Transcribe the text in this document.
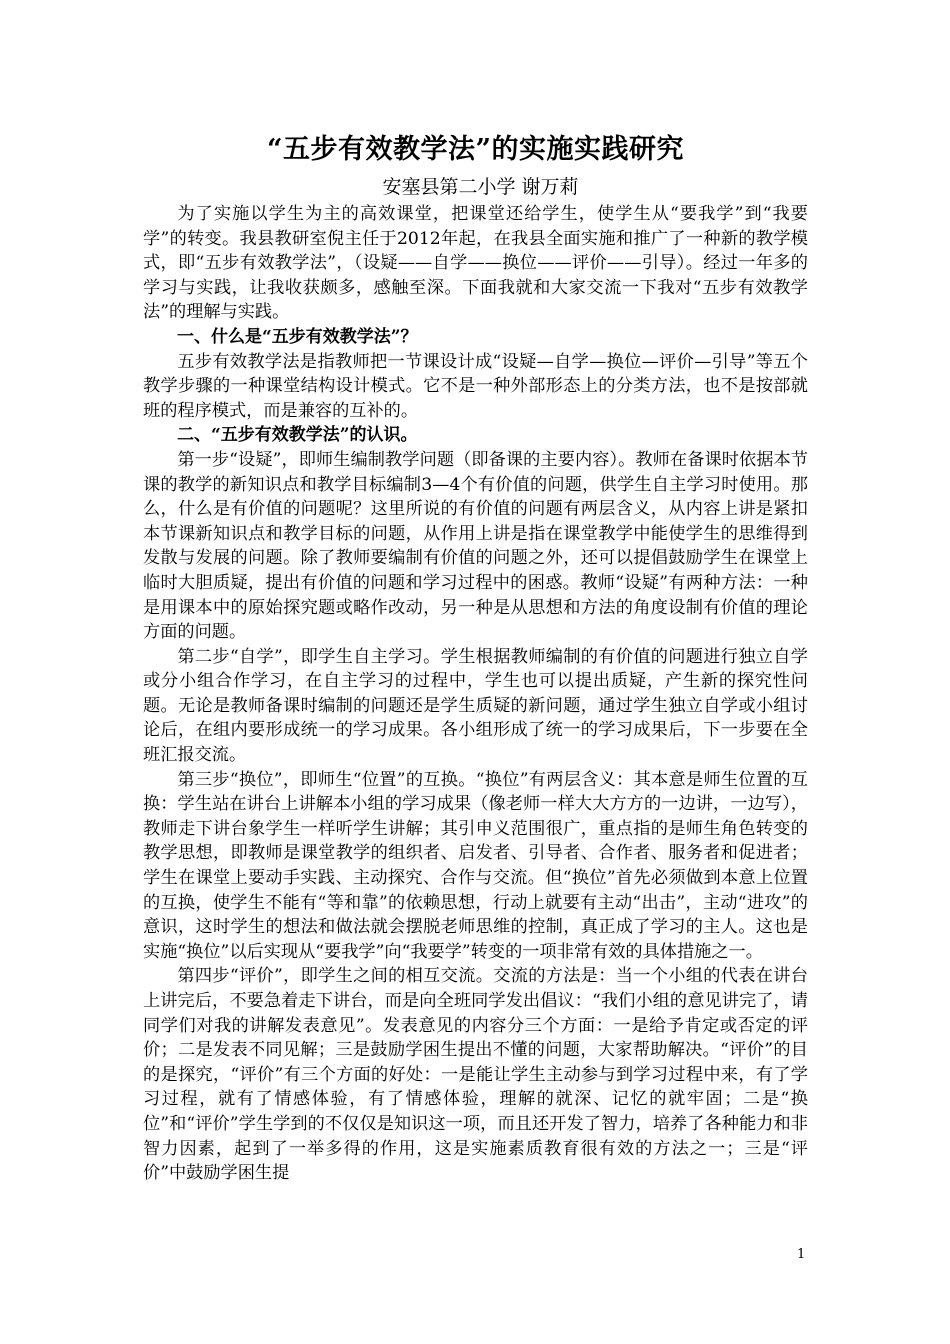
“五步有效教学法”的实施实践研究

安塞县第二小学 谢万莉

为了实施以学生为主的高效课堂，把课堂还给学生，使学生从“要我学”到“我要学”的转变。我县教研室倪主任于2012年起，在我县全面实施和推广了一种新的教学模式，即“五步有效教学法”，（设疑——自学——换位——评价——引导）。经过一年多的学习与实践，让我收获颇多，感触至深。下面我就和大家交流一下我对“五步有效教学法”的理解与实践。

一、什么是“五步有效教学法”？

五步有效教学法是指教师把一节课设计成“设疑—自学—换位—评价—引导”等五个教学步骤的一种课堂结构设计模式。它不是一种外部形态上的分类方法，也不是按部就班的程序模式，而是兼容的互补的。

二、“五步有效教学法”的认识。

第一步“设疑”，即师生编制教学问题（即备课的主要内容）。教师在备课时依据本节课的教学的新知识点和教学目标编制3—4个有价值的问题，供学生自主学习时使用。那么，什么是有价值的问题呢？这里所说的有价值的问题有两层含义，从内容上讲是紧扣本节课新知识点和教学目标的问题，从作用上讲是指在课堂教学中能使学生的思维得到发散与发展的问题。除了教师要编制有价值的问题之外，还可以提倡鼓励学生在课堂上临时大胆质疑，提出有价值的问题和学习过程中的困惑。教师“设疑”有两种方法：一种是用课本中的原始探究题或略作改动，另一种是从思想和方法的角度设制有价值的理论方面的问题。

第二步“自学”，即学生自主学习。学生根据教师编制的有价值的问题进行独立自学或分小组合作学习，在自主学习的过程中，学生也可以提出质疑，产生新的探究性问题。无论是教师备课时编制的问题还是学生质疑的新问题，通过学生独立自学或小组讨论后，在组内要形成统一的学习成果。各小组形成了统一的学习成果后，下一步要在全班汇报交流。

第三步“换位”，即师生“位置”的互换。“换位”有两层含义：其本意是师生位置的互换：学生站在讲台上讲解本小组的学习成果（像老师一样大大方方的一边讲，一边写），教师走下讲台象学生一样听学生讲解；其引申义范围很广，重点指的是师生角色转变的教学思想，即教师是课堂教学的组织者、启发者、引导者、合作者、服务者和促进者；学生在课堂上要动手实践、主动探究、合作与交流。但“换位”首先必须做到本意上位置的互换，使学生不能有“等和靠”的依赖思想，行动上就要有主动“出击”，主动“进攻”的意识，这时学生的想法和做法就会摆脱老师思维的控制，真正成了学习的主人。这也是实施“换位”以后实现从“要我学”向“我要学”转变的一项非常有效的具体措施之一。

第四步“评价”，即学生之间的相互交流。交流的方法是：当一个小组的代表在讲台上讲完后，不要急着走下讲台，而是向全班同学发出倡议：“我们小组的意见讲完了，请同学们对我的讲解发表意见”。发表意见的内容分三个方面：一是给予肯定或否定的评价；二是发表不同见解；三是鼓励学困生提出不懂的问题，大家帮助解决。“评价”的目的是探究，“评价”有三个方面的好处：一是能让学生主动参与到学习过程中来，有了学习过程，就有了情感体验，有了情感体验，理解的就深、记忆的就牢固；二是“换位”和“评价”学生学到的不仅仅是知识这一项，而且还开发了智力，培养了各种能力和非智力因素，起到了一举多得的作用，这是实施素质教育很有效的方法之一；三是“评价”中鼓励学困生提

1
